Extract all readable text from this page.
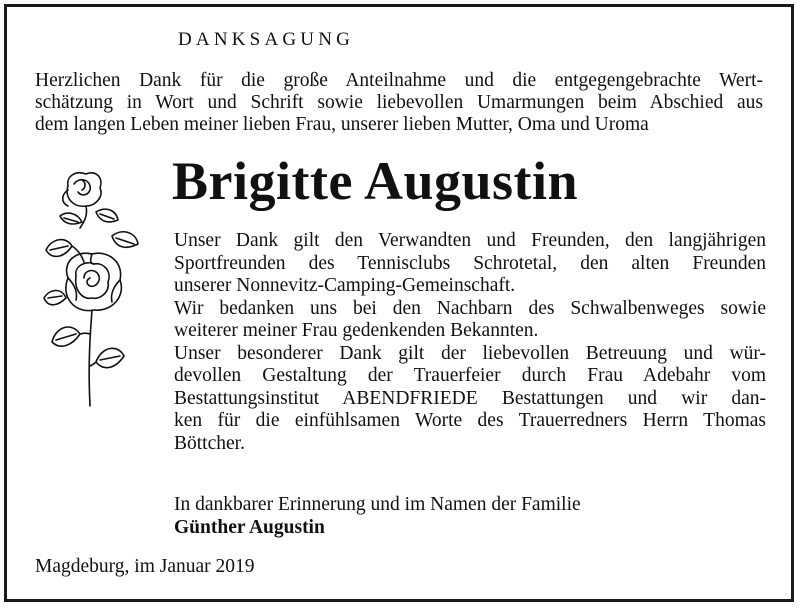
DANKSAGUNG
Herzlichen Dank für die große Anteilnahme und die entgegengebrachte Wert-
schätzung in Wort und Schrift sowie liebevollen Umarmungen beim Abschied aus
dem langen Leben meiner lieben Frau, unserer lieben Mutter, Oma und Uroma
Brigitte Augustin
Unser Dank gilt den Verwandten und Freunden, den langjährigen
Sportfreunden des Tennisclubs Schrotetal, den alten Freunden
unserer Nonnevitz-Camping-Gemeinschaft.
Wir bedanken uns bei den Nachbarn des Schwalbenweges sowie
weiterer meiner Frau gedenkenden Bekannten.
Unser besonderer Dank gilt der liebevollen Betreuung und wür-
devollen Gestaltung der Trauerfeier durch Frau Adebahr vom
Bestattungsinstitut ABENDFRIEDE Bestattungen und wir dan-
ken für die einfühlsamen Worte des Trauerredners Herrn Thomas
Böttcher.
In dankbarer Erinnerung und im Namen der Familie
Günther Augustin
Magdeburg, im Januar 2019
